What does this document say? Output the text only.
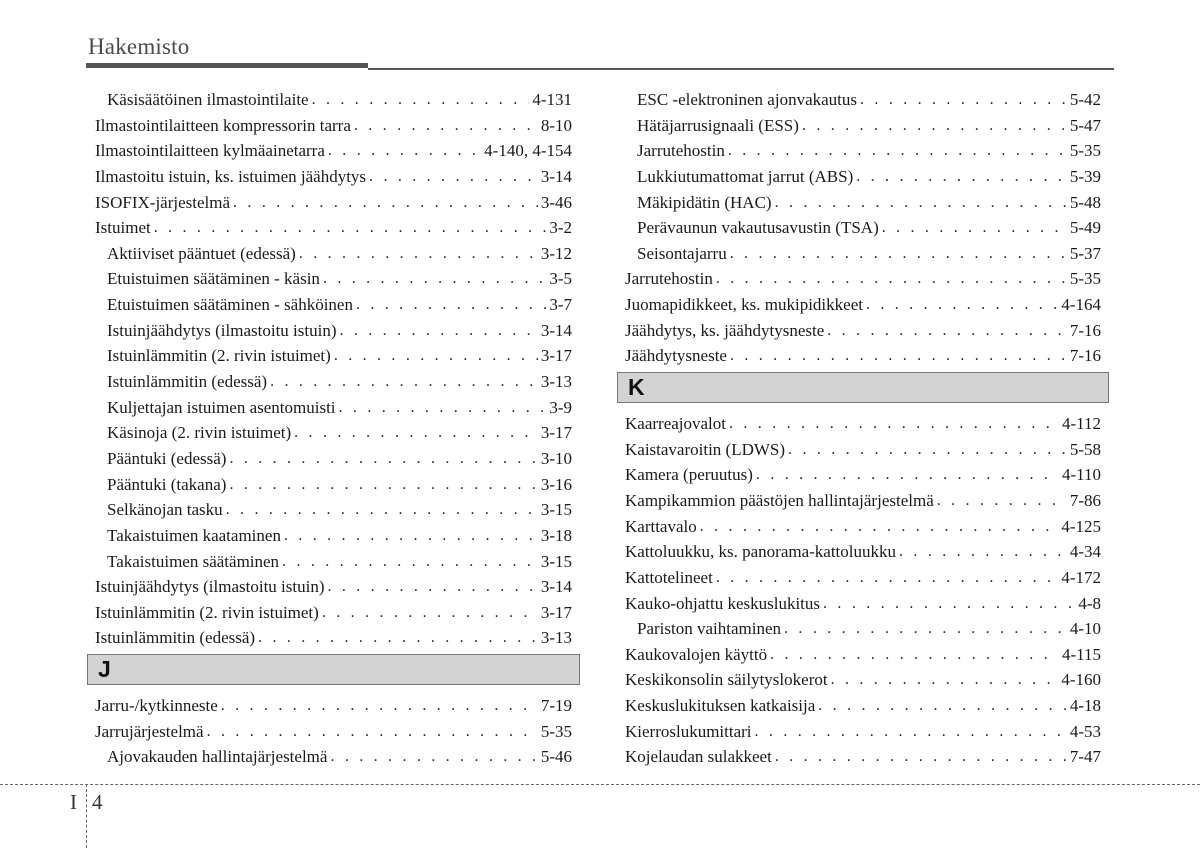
Hakemisto
Käsisäätöinen ilmastointilaite . . .	4-131
Ilmastointilaitteen kompressorin tarra . . .	8-10
Ilmastointilaitteen kylmäainetarra . . .	4-140, 4-154
Ilmastoitu istuin, ks. istuimen jäähdytys . . .	3-14
ISOFIX-järjestelmä . . .	3-46
Istuimet . . .	3-2
Aktiiviset pääntuet (edessä) . . .	3-12
Etuistuimen säätäminen - käsin . . .	3-5
Etuistuimen säätäminen - sähköinen . . .	3-7
Istuinjäähdytys (ilmastoitu istuin) . . .	3-14
Istuinlämmitin (2. rivin istuimet) . . .	3-17
Istuinlämmitin (edessä) . . .	3-13
Kuljettajan istuimen asentomuisti . . .	3-9
Käsinoja (2. rivin istuimet) . . .	3-17
Pääntuki (edessä) . . .	3-10
Pääntuki (takana) . . .	3-16
Selkänojan tasku . . .	3-15
Takaistuimen kaataminen . . .	3-18
Takaistuimen säätäminen . . .	3-15
Istuinjäähdytys (ilmastoitu istuin) . . .	3-14
Istuinlämmitin (2. rivin istuimet) . . .	3-17
Istuinlämmitin (edessä) . . .	3-13
J
Jarru-/kytkinneste . . .	7-19
Jarrujärjestelmä . . .	5-35
Ajovakauden hallintajärjestelmä . . .	5-46
ESC -elektroninen ajonvakautus . . .	5-42
Hätäjarrusignaali (ESS) . . .	5-47
Jarrutehostin . . .	5-35
Lukkiutumattomat jarrut (ABS) . . .	5-39
Mäkipidätin (HAC) . . .	5-48
Perävaunun vakautusavustin (TSA) . . .	5-49
Seisontajarru . . .	5-37
Jarrutehostin . . .	5-35
Juomapidikkeet, ks. mukipidikkeet . . .	4-164
Jäähdytys, ks. jäähdytysneste . . .	7-16
Jäähdytysneste . . .	7-16
K
Kaarreajovalot . . .	4-112
Kaistavaroitin (LDWS) . . .	5-58
Kamera (peruutus) . . .	4-110
Kampikammion päästöjen hallintajärjestelmä . . .	7-86
Karttavalo . . .	4-125
Kattoluukku, ks. panorama-kattoluukku . . .	4-34
Kattotelineet . . .	4-172
Kauko-ohjattu keskuslukitus . . .	4-8
Pariston vaihtaminen . . .	4-10
Kaukovalojen käyttö . . .	4-115
Keskikonsolin säilytyslokerot . . .	4-160
Keskuslukituksen katkaisija . . .	4-18
Kierroslukumittari . . .	4-53
Kojelaudan sulakkeet . . .	7-47
I 4
